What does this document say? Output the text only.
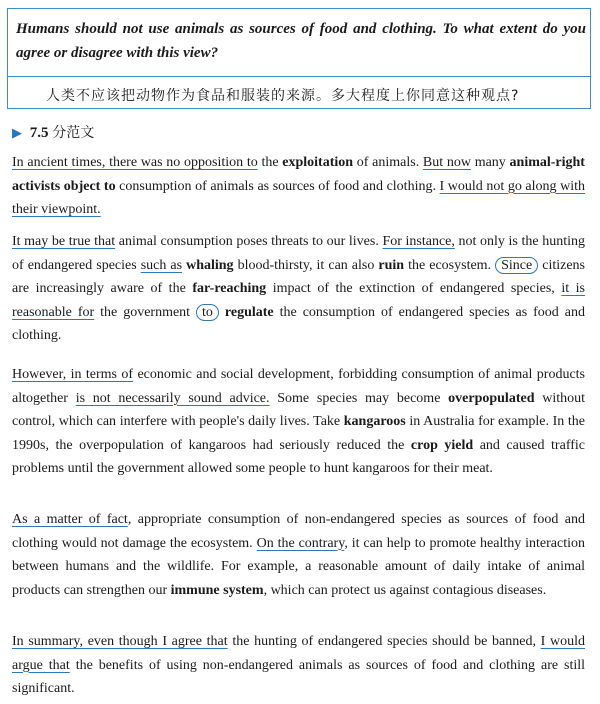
Humans should not use animals as sources of food and clothing. To what extent do you agree or disagree with this view?
人类不应该把动物作为食品和服装的来源。多大程度上你同意这种观点?
▶ 7.5 分范文
In ancient times, there was no opposition to the exploitation of animals. But now many animal-right activists object to consumption of animals as sources of food and clothing. I would not go along with their viewpoint.
It may be true that animal consumption poses threats to our lives. For instance, not only is the hunting of endangered species such as whaling blood-thirsty, it can also ruin the ecosystem. Since citizens are increasingly aware of the far-reaching impact of the extinction of endangered species, it is reasonable for the government to regulate the consumption of endangered species as food and clothing.
However, in terms of economic and social development, forbidding consumption of animal products altogether is not necessarily sound advice. Some species may become overpopulated without control, which can interfere with people's daily lives. Take kangaroos in Australia for example. In the 1990s, the overpopulation of kangaroos had seriously reduced the crop yield and caused traffic problems until the government allowed some people to hunt kangaroos for their meat.
As a matter of fact, appropriate consumption of non-endangered species as sources of food and clothing would not damage the ecosystem. On the contrary, it can help to promote healthy interaction between humans and the wildlife. For example, a reasonable amount of daily intake of animal products can strengthen our immune system, which can protect us against contagious diseases.
In summary, even though I agree that the hunting of endangered species should be banned, I would argue that the benefits of using non-endangered animals as sources of food and clothing are still significant.
